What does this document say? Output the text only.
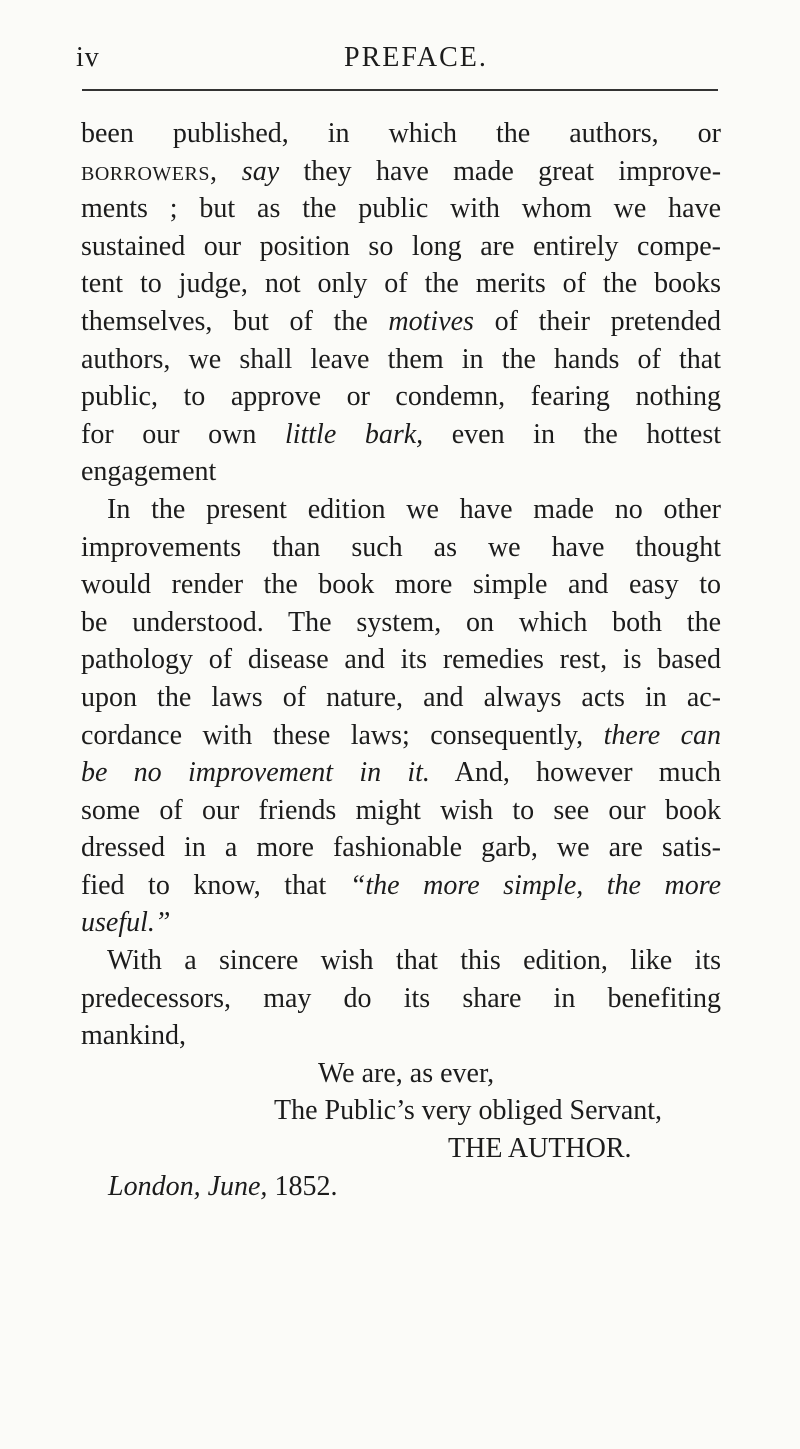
iv	PREFACE.
been published, in which the authors, or
borrowers, say they have made great improve-
ments ; but as the public with whom we have
sustained our position so long are entirely compe-
tent to judge, not only of the merits of the books
themselves, but of the motives of their pretended
authors, we shall leave them in the hands of that
public, to approve or condemn, fearing nothing
for our own little bark, even in the hottest
engagement
In the present edition we have made no other
improvements than such as we have thought
would render the book more simple and easy to
be understood. The system, on which both the
pathology of disease and its remedies rest, is based
upon the laws of nature, and always acts in ac-
cordance with these laws; consequently, there can
be no improvement in it. And, however much
some of our friends might wish to see our book
dressed in a more fashionable garb, we are satis-
fied to know, that “the more simple, the more
useful.”
With a sincere wish that this edition, like its
predecessors, may do its share in benefiting
mankind,
We are, as ever,
The Public’s very obliged Servant,
THE AUTHOR.
London, June, 1852.
